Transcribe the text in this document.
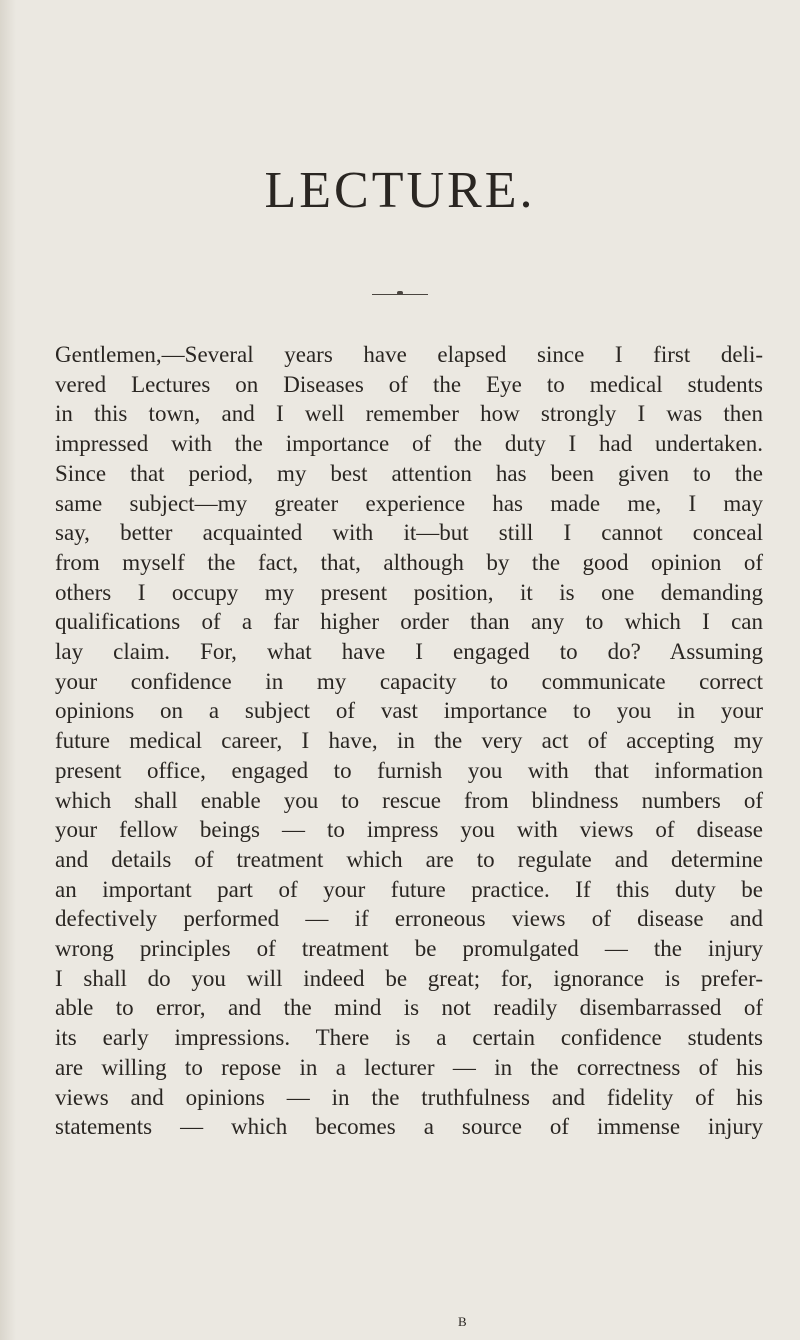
LECTURE.
Gentlemen,—Several years have elapsed since I first deli-
vered Lectures on Diseases of the Eye to medical students
in this town, and I well remember how strongly I was then
impressed with the importance of the duty I had undertaken.
Since that period, my best attention has been given to the
same subject—my greater experience has made me, I may
say, better acquainted with it—but still I cannot conceal
from myself the fact, that, although by the good opinion of
others I occupy my present position, it is one demanding
qualifications of a far higher order than any to which I can
lay claim. For, what have I engaged to do? Assuming
your confidence in my capacity to communicate correct
opinions on a subject of vast importance to you in your
future medical career, I have, in the very act of accepting my
present office, engaged to furnish you with that information
which shall enable you to rescue from blindness numbers of
your fellow beings — to impress you with views of disease
and details of treatment which are to regulate and determine
an important part of your future practice. If this duty be
defectively performed — if erroneous views of disease and
wrong principles of treatment be promulgated — the injury
I shall do you will indeed be great; for, ignorance is prefer-
able to error, and the mind is not readily disembarrassed of
its early impressions. There is a certain confidence students
are willing to repose in a lecturer — in the correctness of his
views and opinions — in the truthfulness and fidelity of his
statements — which becomes a source of immense injury
B
